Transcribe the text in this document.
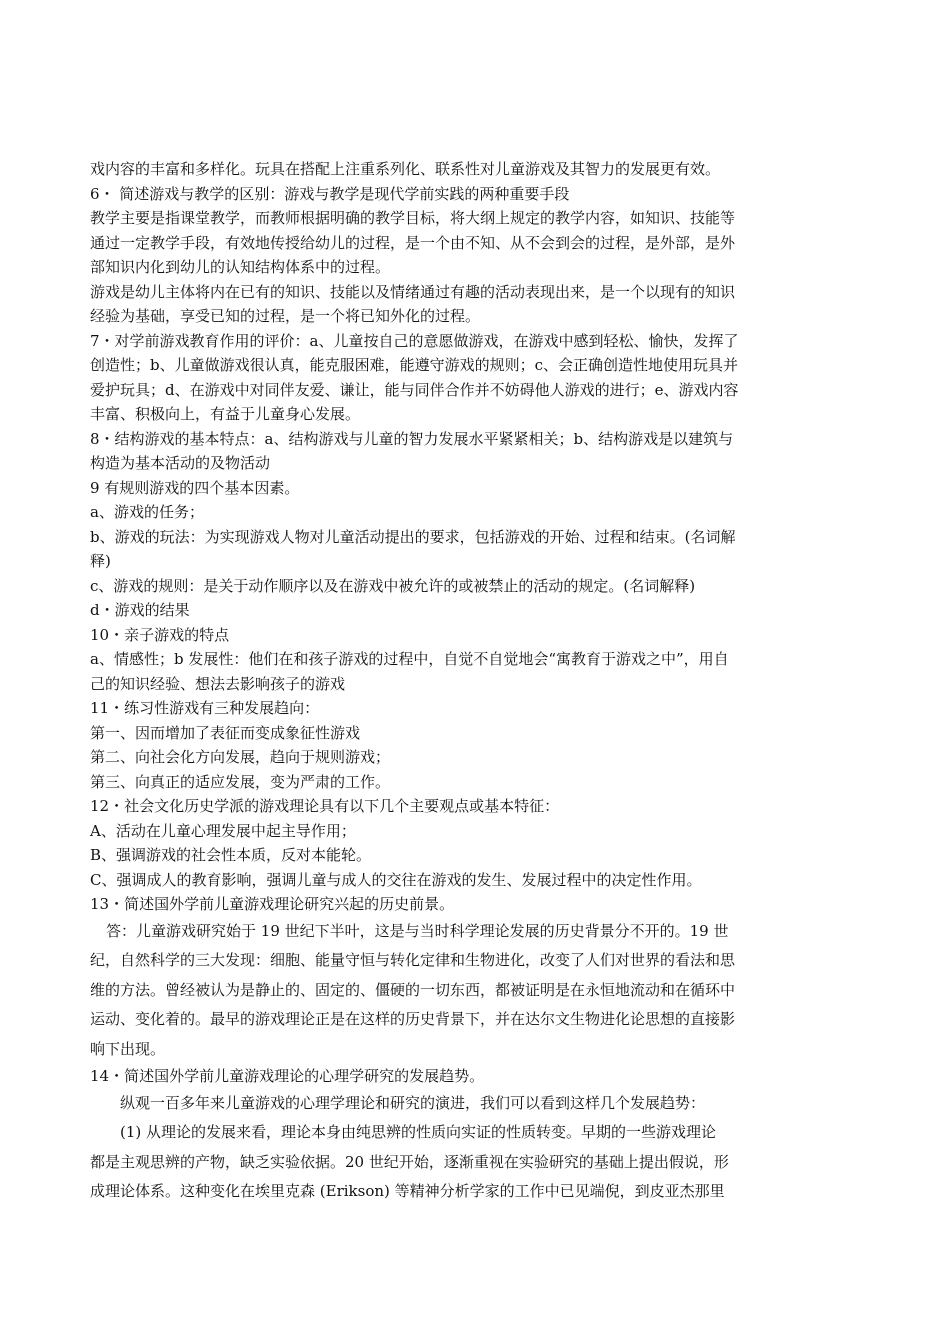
戏内容的丰富和多样化。玩具在搭配上注重系列化、联系性对儿童游戏及其智力的发展更有效。
6・ 简述游戏与教学的区别：游戏与教学是现代学前实践的两种重要手段
教学主要是指课堂教学，而教师根据明确的教学目标，将大纲上规定的教学内容，如知识、技能等
通过一定教学手段，有效地传授给幼儿的过程，是一个由不知、从不会到会的过程，是外部，是外
部知识内化到幼儿的认知结构体系中的过程。
游戏是幼儿主体将内在已有的知识、技能以及情绪通过有趣的活动表现出来，是一个以现有的知识
经验为基础，享受已知的过程，是一个将已知外化的过程。
7・对学前游戏教育作用的评价：a、儿童按自己的意愿做游戏，在游戏中感到轻松、愉快，发挥了
创造性；b、儿童做游戏很认真，能克服困难，能遵守游戏的规则；c、会正确创造性地使用玩具并
爱护玩具；d、在游戏中对同伴友爱、谦让，能与同伴合作并不妨碍他人游戏的进行；e、游戏内容
丰富、积极向上，有益于儿童身心发展。
8・结构游戏的基本特点：a、结构游戏与儿童的智力发展水平紧紧相关；b、结构游戏是以建筑与
构造为基本活动的及物活动
9 有规则游戏的四个基本因素。
a、游戏的任务；
b、游戏的玩法：为实现游戏人物对儿童活动提出的要求，包括游戏的开始、过程和结束。(名词解
释)
c、游戏的规则：是关于动作顺序以及在游戏中被允许的或被禁止的活动的规定。(名词解释)
d・游戏的结果
10・亲子游戏的特点
a、情感性；b 发展性：他们在和孩子游戏的过程中，自觉不自觉地会“寓教育于游戏之中”，用自
己的知识经验、想法去影响孩子的游戏
11・练习性游戏有三种发展趋向：
第一、因而增加了表征而变成象征性游戏
第二、向社会化方向发展，趋向于规则游戏；
第三、向真正的适应发展，变为严肃的工作。
12・社会文化历史学派的游戏理论具有以下几个主要观点或基本特征：
A、活动在儿童心理发展中起主导作用；
B、强调游戏的社会性本质，反对本能轮。
C、强调成人的教育影响，强调儿童与成人的交往在游戏的发生、发展过程中的决定性作用。
13・简述国外学前儿童游戏理论研究兴起的历史前景。
答：儿童游戏研究始于 19 世纪下半叶，这是与当时科学理论发展的历史背景分不开的。19 世
纪，自然科学的三大发现：细胞、能量守恒与转化定律和生物进化，改变了人们对世界的看法和思
维的方法。曾经被认为是静止的、固定的、僵硬的一切东西，都被证明是在永恒地流动和在循环中
运动、变化着的。最早的游戏理论正是在这样的历史背景下，并在达尔文生物进化论思想的直接影
响下出现。
14・简述国外学前儿童游戏理论的心理学研究的发展趋势。
纵观一百多年来儿童游戏的心理学理论和研究的演进，我们可以看到这样几个发展趋势：
(1) 从理论的发展来看，理论本身由纯思辨的性质向实证的性质转变。早期的一些游戏理论
都是主观思辨的产物，缺乏实验依据。20 世纪开始，逐渐重视在实验研究的基础上提出假说，形
成理论体系。这种变化在埃里克森 (Erikson) 等精神分析学家的工作中已见端倪，到皮亚杰那里
